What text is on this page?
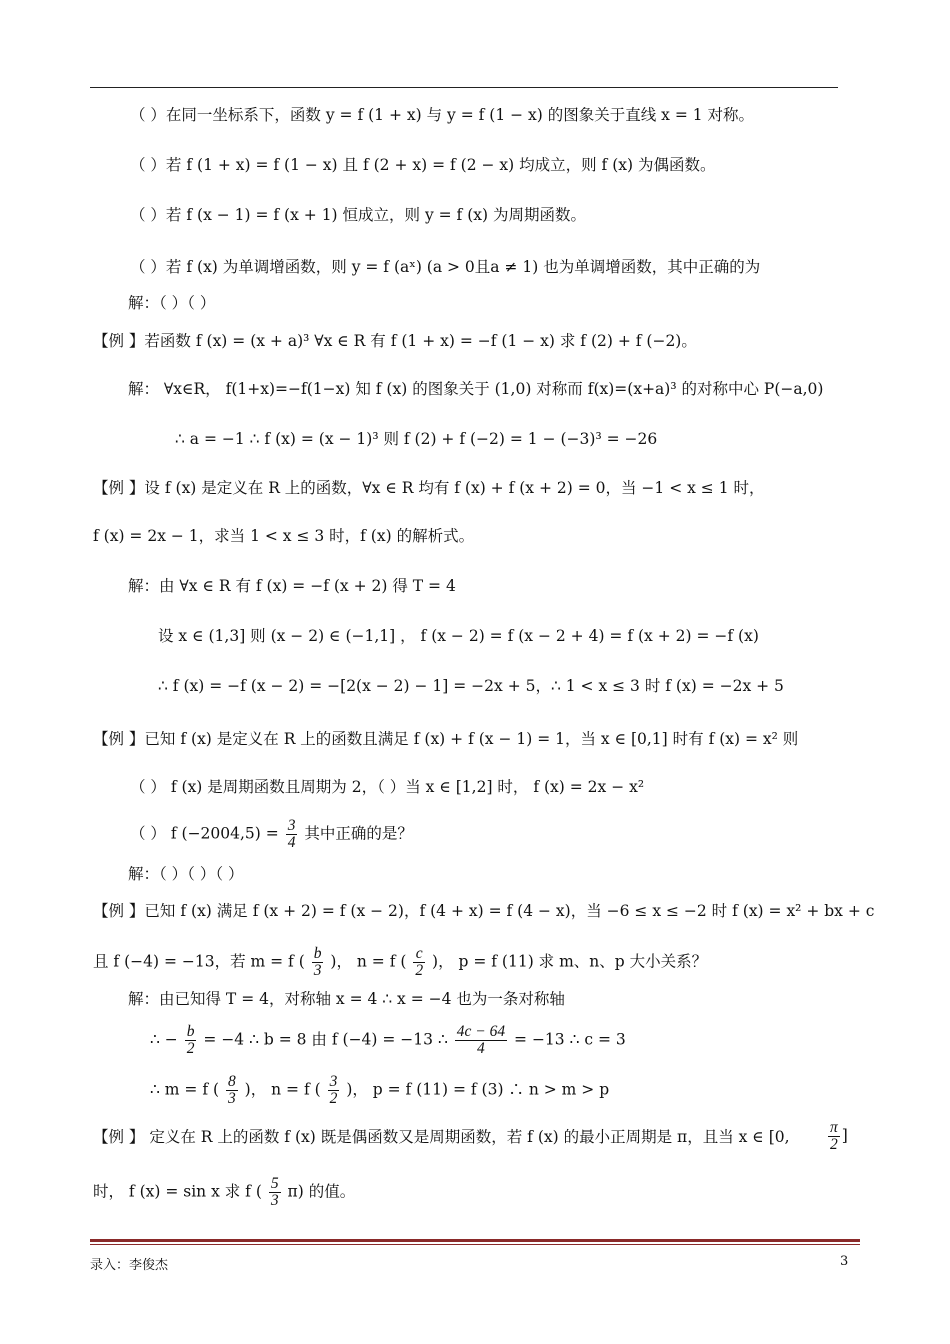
（ ）在同一坐标系下，函数 y = f (1 + x) 与 y = f (1 − x) 的图象关于直线 x = 1 对称。
（ ）若 f (1 + x) = f (1 − x) 且 f (2 + x) = f (2 − x) 均成立，则 f (x) 为偶函数。
（ ）若 f (x − 1) = f (x + 1) 恒成立，则 y = f (x) 为周期函数。
（ ）若 f (x) 为单调增函数，则 y = f (aˣ) (a > 0且a ≠ 1) 也为单调增函数，其中正确的为
解：（ ）（ ）
【例 】若函数 f (x) = (x + a)³ ∀x ∈ R 有 f (1 + x) = −f (1 − x) 求 f (2) + f (−2)。
解： ∀x∈R， f(1+x)=−f(1−x) 知 f (x) 的图象关于 (1,0) 对称而 f(x)=(x+a)³ 的对称中心 P(−a,0)
∴ a = −1 ∴ f (x) = (x − 1)³ 则 f (2) + f (−2) = 1 − (−3)³ = −26
【例 】设 f (x) 是定义在 R 上的函数，∀x ∈ R 均有 f (x) + f (x + 2) = 0，当 −1 < x ≤ 1 时，
f (x) = 2x − 1，求当 1 < x ≤ 3 时，f (x) 的解析式。
解：由 ∀x ∈ R 有 f (x) = −f (x + 2) 得 T = 4
设 x ∈ (1,3] 则 (x − 2) ∈ (−1,1] ， f (x − 2) = f (x − 2 + 4) = f (x + 2) = −f (x)
∴ f (x) = −f (x − 2) = −[2(x − 2) − 1] = −2x + 5，∴ 1 < x ≤ 3 时 f (x) = −2x + 5
【例 】已知 f (x) 是定义在 R 上的函数且满足 f (x) + f (x − 1) = 1，当 x ∈ [0,1] 时有 f (x) = x² 则
（ ） f (x) 是周期函数且周期为 2，（ ）当 x ∈ [1,2] 时， f (x) = 2x − x²
解：（ ）（ ）（ ）
【例 】已知 f (x) 满足 f (x + 2) = f (x − 2)，f (4 + x) = f (4 − x)，当 −6 ≤ x ≤ −2 时 f (x) = x² + bx + c
解：由已知得 T = 4，对称轴 x = 4 ∴ x = −4 也为一条对称轴
【例 】 定义在 R 上的函数 f (x) 既是偶函数又是周期函数，若 f (x) 的最小正周期是 π，且当 x ∈ [0,
（ ） f $(-2004,5) = \frac{3}{4}$ 其中正确的是？
且 f (−4) = −13，若 m = f ( $\frac{b}{3}$ )， n = f ( $\frac{c}{2}$ )， p = f (11) 求 m、n、p 大小关系？
∴ − $\frac{b}{2} = -4$ ∴ b = 8 由 f (−4) = −13 ∴ $\frac{4c - 64}{4} = -13$ ∴ c = 3
∴ m = f ( $\frac{8}{3}$ )， n = f ( $\frac{3}{2}$ )， p = f (11) = f (3) ∴ n > m > p
$\frac{\pi}{2}$ ]
时， f (x) = sin x 求 f ( $\frac{5}{3} \pi$) 的值。
录入：李俊杰	3
